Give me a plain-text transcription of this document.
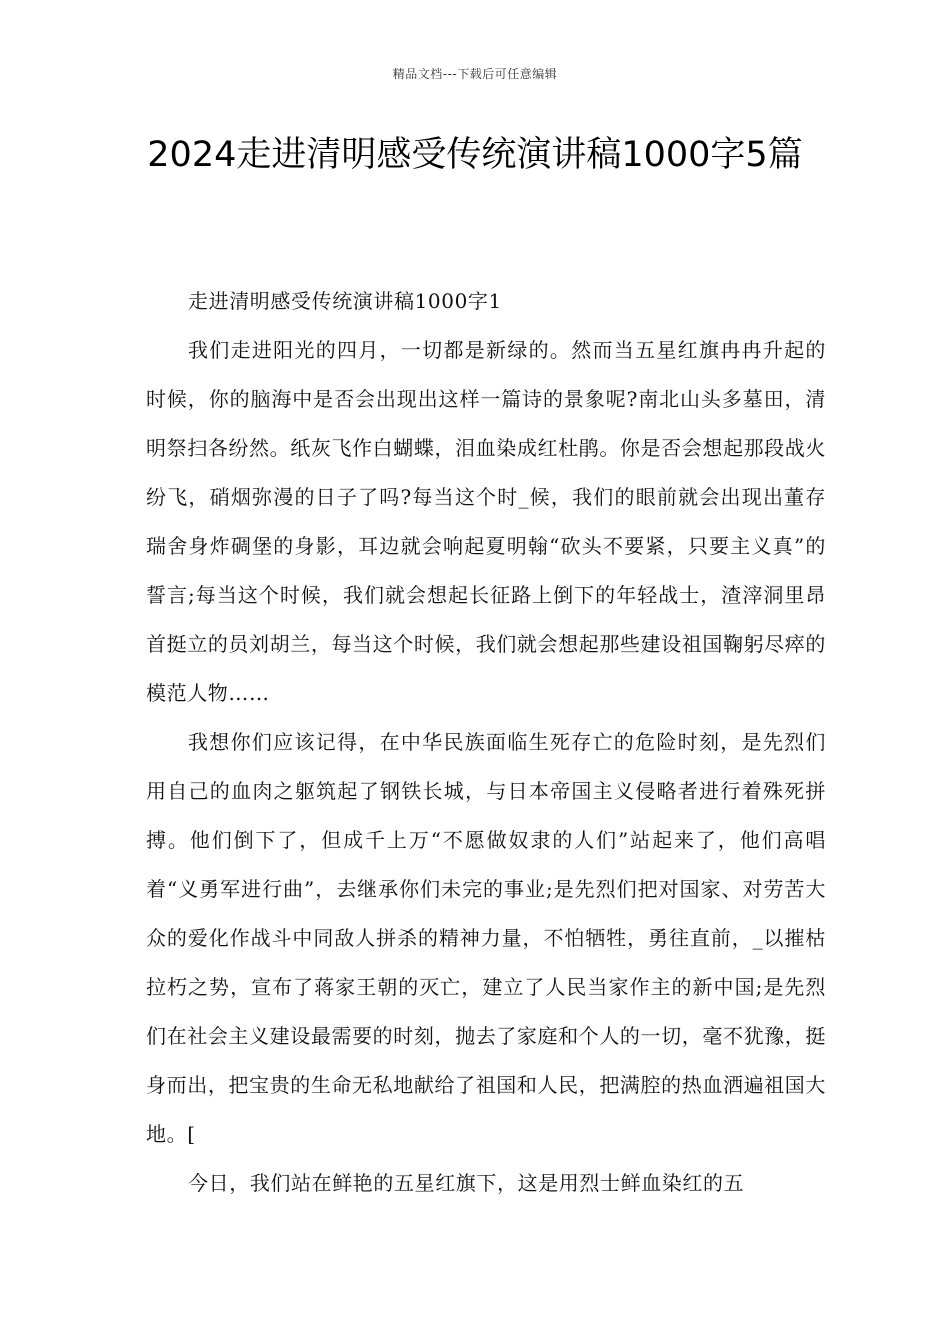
精品文档---下载后可任意编辑
2024走进清明感受传统演讲稿1000字5篇

走进清明感受传统演讲稿1000字1

我们走进阳光的四月，一切都是新绿的。然而当五星红旗冉冉升起的时候，你的脑海中是否会出现出这样一篇诗的景象呢?南北山头多墓田，清明祭扫各纷然。纸灰飞作白蝴蝶，泪血染成红杜鹃。你是否会想起那段战火纷飞，硝烟弥漫的日子了吗?每当这个时_候，我们的眼前就会出现出董存瑞舍身炸碉堡的身影，耳边就会响起夏明翰“砍头不要紧，只要主义真”的誓言;每当这个时候，我们就会想起长征路上倒下的年轻战士，渣滓洞里昂首挺立的员刘胡兰，每当这个时候，我们就会想起那些建设祖国鞠躬尽瘁的模范人物……

我想你们应该记得，在中华民族面临生死存亡的危险时刻，是先烈们用自己的血肉之躯筑起了钢铁长城，与日本帝国主义侵略者进行着殊死拼搏。他们倒下了，但成千上万“不愿做奴隶的人们”站起来了，他们高唱着“义勇军进行曲”，去继承你们未完的事业;是先烈们把对国家、对劳苦大众的爱化作战斗中同敌人拼杀的精神力量，不怕牺牲，勇往直前，_以摧枯拉朽之势，宣布了蒋家王朝的灭亡，建立了人民当家作主的新中国;是先烈们在社会主义建设最需要的时刻，抛去了家庭和个人的一切，毫不犹豫，挺身而出，把宝贵的生命无私地献给了祖国和人民，把满腔的热血洒遍祖国大地。[

今日，我们站在鲜艳的五星红旗下，这是用烈士鲜血染红的五
